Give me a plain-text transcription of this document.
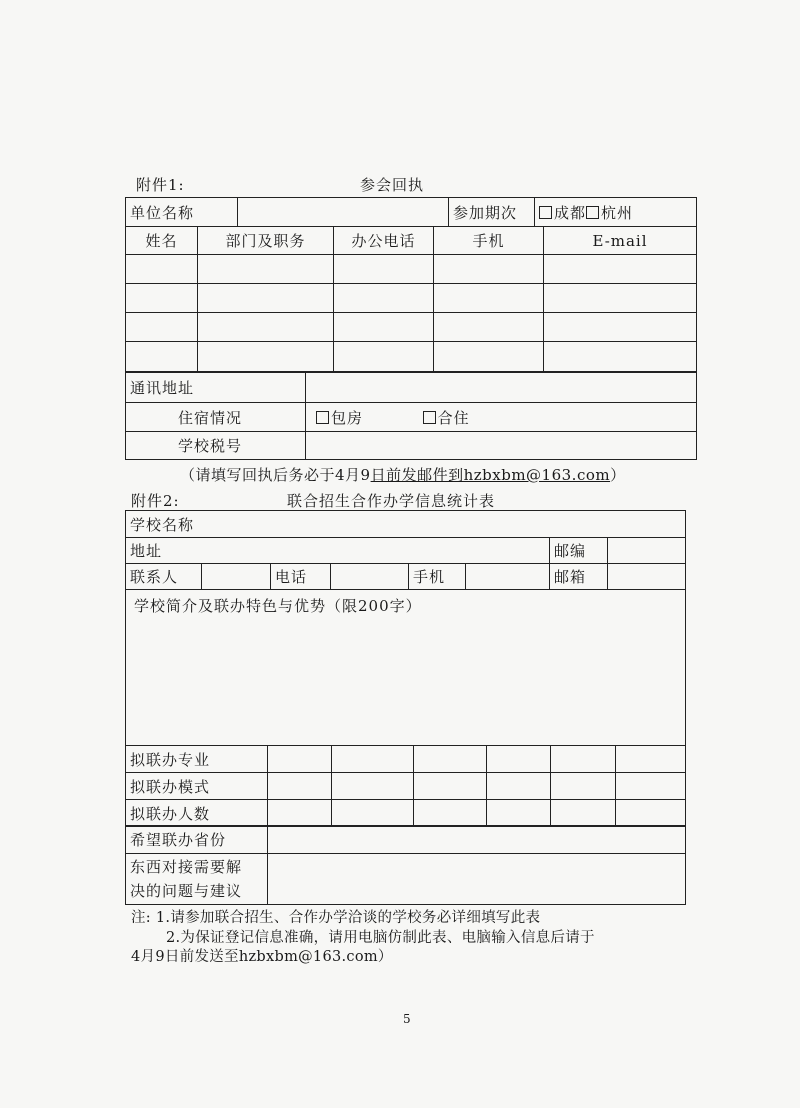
附件1:	参会回执
单位名称		参加期次	成都 杭州
姓名	部门及职务	办公电话	手机	E-mail

通讯地址	
住宿情况	包房 合住
学校税号	
（请填写回执后务必于4月9日前发邮件到hzbxbm@163.com）
附件2:	联合招生合作办学信息统计表
学校名称
地址	邮编	
联系人		电话		手机		邮箱	
学校简介及联办特色与优势（限200字）
拟联办专业						
拟联办模式						
拟联办人数						
希望联办省份	

东西对接需要解
决的问题与建议	

注: 1.请参加联合招生、合作办学洽谈的学校务必详细填写此表
2.为保证登记信息准确，请用电脑仿制此表、电脑输入信息后请于
4月9日前发送至hzbxbm@163.com）
5
